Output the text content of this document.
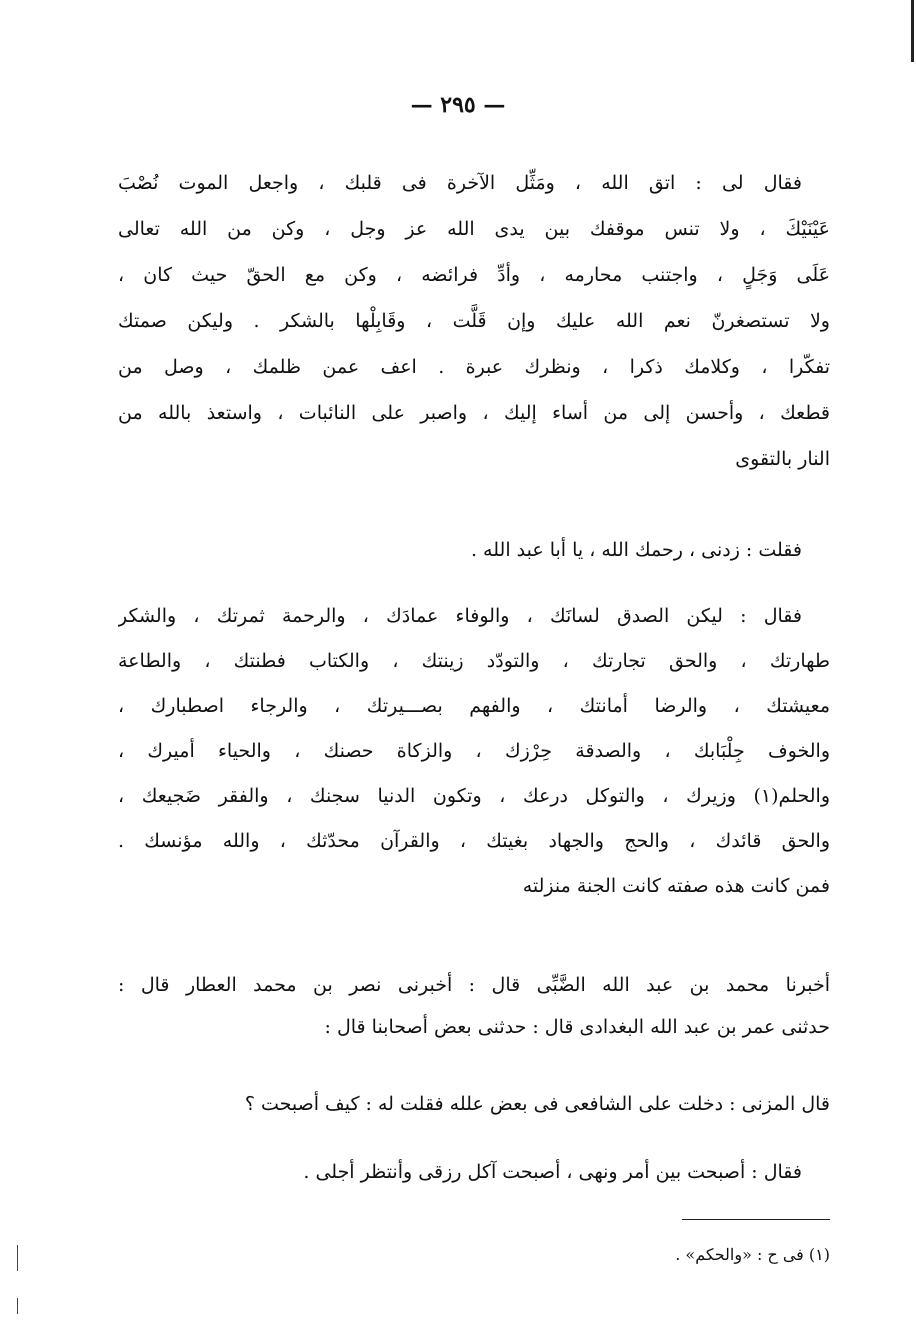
— ٢٩٥ —
فقال لى : اتق الله ، ومَثِّل الآخرة فى قلبك ، واجعل الموت نُصْبَ
عَيْنَيْكَ ، ولا تنس موقفك بين يدى الله عز وجل ، وكن من الله تعالى
عَلَى وَجَلٍ ، واجتنب محارمه ، وأدِّ فرائضه ، وكن مع الحقّ حيث كان ،
ولا تستصغرنّ نعم الله عليك وإن قَلَّت ، وقَابِلْها بالشكر . وليكن صمتك
تفكّرا ، وكلامك ذكرا ، ونظرك عبرة . اعف عمن ظلمك ، وصل من
قطعك ، وأحسن إلى من أساء إليك ، واصبر على النائبات ، واستعذ بالله من
النار بالتقوى
فقلت : زدنى ، رحمك الله ، يا أبا عبد الله .
فقال : ليكن الصدق لسانَك ، والوفاء عمادَك ، والرحمة ثمرتك ، والشكر
طهارتك ، والحق تجارتك ، والتودّد زينتك ، والكتاب فطنتك ، والطاعة
معيشتك ، والرضا أمانتك ، والفهم بصـــيرتك ، والرجاء اصطبارك ،
والخوف جِلْبَابك ، والصدقة حِرْزك ، والزكاة حصنك ، والحياء أميرك ،
والحلم(١) وزيرك ، والتوكل درعك ، وتكون الدنيا سجنك ، والفقر ضَجيعك ،
والحق قائدك ، والحج والجهاد بغيتك ، والقرآن محدّثك ، والله مؤنسك .
فمن كانت هذه صفته كانت الجنة منزلته
أخبرنا محمد بن عبد الله الضَّبِّى قال : أخبرنى نصر بن محمد العطار قال :
حدثنى عمر بن عبد الله البغدادى قال : حدثنى بعض أصحابنا قال :
قال المزنى : دخلت على الشافعى فى بعض علله فقلت له : كيف أصبحت ؟
فقال : أصبحت بين أمر ونهى ، أصبحت آكل رزقى وأنتظر أجلى .
(١) فى ح : «والحكم» .
